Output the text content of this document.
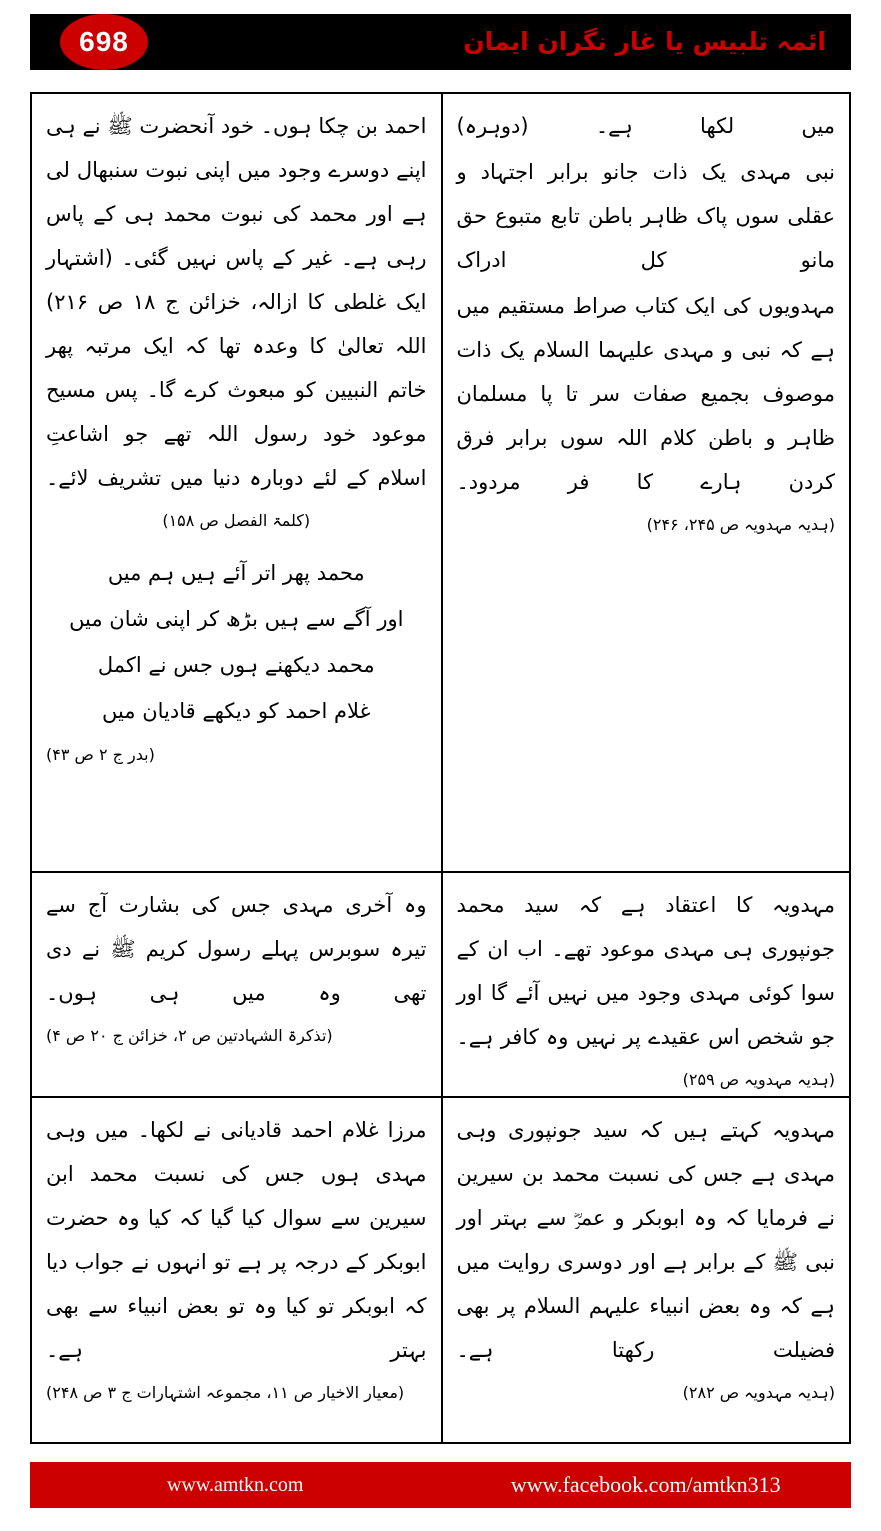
698	ائمہ تلبیس یا غار نگران ایمان

میں لکھا ہے۔ (دوہرہ)

نبی مہدی یک ذات جانو برابر اجتہاد و عقلی سوں پاک ظاہر باطن تابع متبوع حق مانو کل ادراک

مہدویوں کی ایک کتاب صراط مستقیم میں ہے کہ نبی و مہدی علیہما السلام یک ذات موصوف بجمیع صفات سر تا پا مسلمان ظاہر و باطن کلام اللہ سوں برابر فرق کردن ہارے کا فر مردود۔

(ہدیہ مہدویہ ص ۲۴۵، ۲۴۶)

احمد بن چکا ہوں۔ خود آنحضرت ﷺ نے ہی اپنے دوسرے وجود میں اپنی نبوت سنبھال لی ہے اور محمد کی نبوت محمد ہی کے پاس رہی ہے۔ غیر کے پاس نہیں گئی۔ (اشتہار ایک غلطی کا ازالہ، خزائن ج ۱۸ ص ۲۱۶) اللہ تعالیٰ کا وعدہ تھا کہ ایک مرتبہ پھر خاتم النبیین کو مبعوث کرے گا۔ پس مسیح موعود خود رسول اللہ تھے جو اشاعتِ اسلام کے لئے دوبارہ دنیا میں تشریف لائے۔

(کلمۃ الفصل ص ۱۵۸)
محمد پھر اتر آئے ہیں ہم میں
اور آگے سے ہیں بڑھ کر اپنی شان میں
محمد دیکھنے ہوں جس نے اکمل
غلام احمد کو دیکھے قادیان میں
(بدر ج ۲ ص ۴۳)

مہدویہ کا اعتقاد ہے کہ سید محمد جونپوری ہی مہدی موعود تھے۔ اب ان کے سوا کوئی مہدی وجود میں نہیں آئے گا اور جو شخص اس عقیدے پر نہیں وہ کافر ہے۔

(ہدیہ مہدویہ ص ۲۵۹)

وہ آخری مہدی جس کی بشارت آج سے تیرہ سوبرس پہلے رسول کریم ﷺ نے دی تھی وہ میں ہی ہوں۔

(تذکرۃ الشہادتین ص ۲، خزائن ج ۲۰ ص ۴)

مہدویہ کہتے ہیں کہ سید جونپوری وہی مہدی ہے جس کی نسبت محمد بن سیرین نے فرمایا کہ وہ ابوبکر و عمرؓ سے بہتر اور نبی ﷺ کے برابر ہے اور دوسری روایت میں ہے کہ وہ بعض انبیاء علیہم السلام پر بھی فضیلت رکھتا ہے۔

(ہدیہ مہدویہ ص ۲۸۲)

مرزا غلام احمد قادیانی نے لکھا۔ میں وہی مہدی ہوں جس کی نسبت محمد ابن سیرین سے سوال کیا گیا کہ کیا وہ حضرت ابوبکر کے درجہ پر ہے تو انہوں نے جواب دیا کہ ابوبکر تو کیا وہ تو بعض انبیاء سے بھی بہتر ہے۔

(معیار الاخیار ص ۱۱، مجموعہ اشتہارات ج ۳ ص ۲۴۸)
www.amtkn.com	www.facebook.com/amtkn313
